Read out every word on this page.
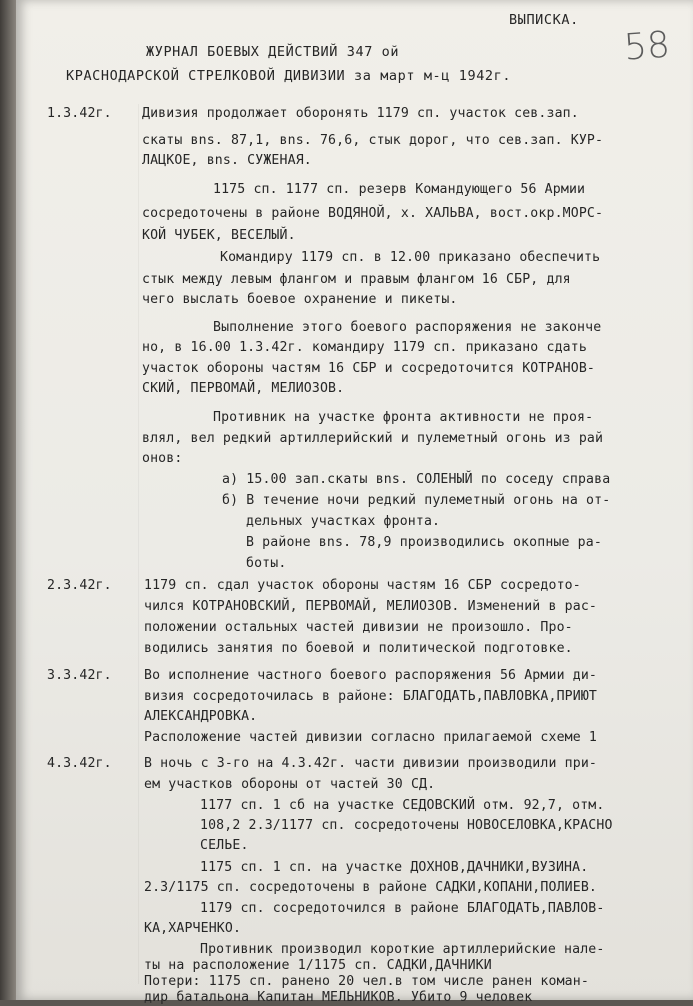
ВЫПИСКА.
58
ЖУРНАЛ БОЕВЫХ ДЕЙСТВИЙ 347 ой
КРАСНОДАРСКОЙ СТРЕЛКОВОЙ ДИВИЗИИ за март м-ц 1942г.
1.3.42г. Дивизия продолжает оборонять 1179 сп. участок сев.зап.
скаты вns. 87,1, вns. 76,6, стык дорог, что сев.зап. КУР-
ЛАЦКОЕ, вns. СУЖЕНАЯ.
1175 сп. 1177 сп. резерв Командующего 56 Армии
сосредоточены в районе ВОДЯНОЙ, х. ХАЛЬВА, вост.окр.МОРС-
КОЙ ЧУБЕК, ВЕСЕЛЫЙ.
Командиру 1179 сп. в 12.00 приказано обеспечить
стык между левым флангом и правым флангом 16 СБР, для
чего выслать боевое охранение и пикеты.
Выполнение этого боевого распоряжения не закончe
но, в 16.00 1.3.42г. командиру 1179 сп. приказано сдать
участок обороны частям 16 СБР и сосредоточится КОТРАНОВ-
СКИЙ, ПЕРВОМАЙ, МЕЛИОЗОВ.
Противник на участке фронта активности не проя-
влял, вел редкий артиллерийский и пулеметный огонь из рай
онов:
а) 15.00 зап.скаты вns. СОЛЕНЫЙ по соседу справа
б) В течение ночи редкий пулеметный огонь на от-
дельных участках фронта.
В районе вns. 78,9 производились окопные ра-
боты.
2.3.42г. 1179 сп. сдал участок обороны частям 16 СБР сосредото-
чился КОТРАНОВСКИЙ, ПЕРВОМАЙ, МЕЛИОЗОВ. Изменений в рас-
положении остальных частей дивизии не произошло. Про-
водились занятия по боевой и политической подготовке.
3.3.42г. Во исполнение частного боевого распоряжения 56 Армии ди-
визия сосредоточилась в районе: БЛАГОДАТЬ,ПАВЛОВКА,ПРИЮТ
АЛЕКСАНДРОВКА.
Расположение частей дивизии согласно прилагаемой схеме 1
4.3.42г. В ночь с 3-го на 4.3.42г. части дивизии производили при-
ем участков обороны от частей 30 СД.
1177 сп. 1 сб на участке СЕДОВСКИЙ отм. 92,7, отм.
108,2 2.3/1177 сп. сосредоточены НОВОСЕЛОВКА,КРАСНО
СЕЛЬЕ.
1175 сп. 1 сп. на участке ДОХНОВ,ДАЧНИКИ,ВУЗИНА.
2.3/1175 сп. сосредоточены в районе САДКИ,КОПАНИ,ПОЛИЕВ.
1179 сп. сосредоточился в районе БЛАГОДАТЬ,ПАВЛОВ-
КА,ХАРЧЕНКО.
Противник производил короткие артиллерийские нале-
ты на расположение 1/1175 сп. САДКИ,ДАЧНИКИ
Потери: 1175 сп. ранено 20 чел.в том числе ранен коман-
дир батальона Капитан МЕЛЬНИКОВ. Убито 9 человек
